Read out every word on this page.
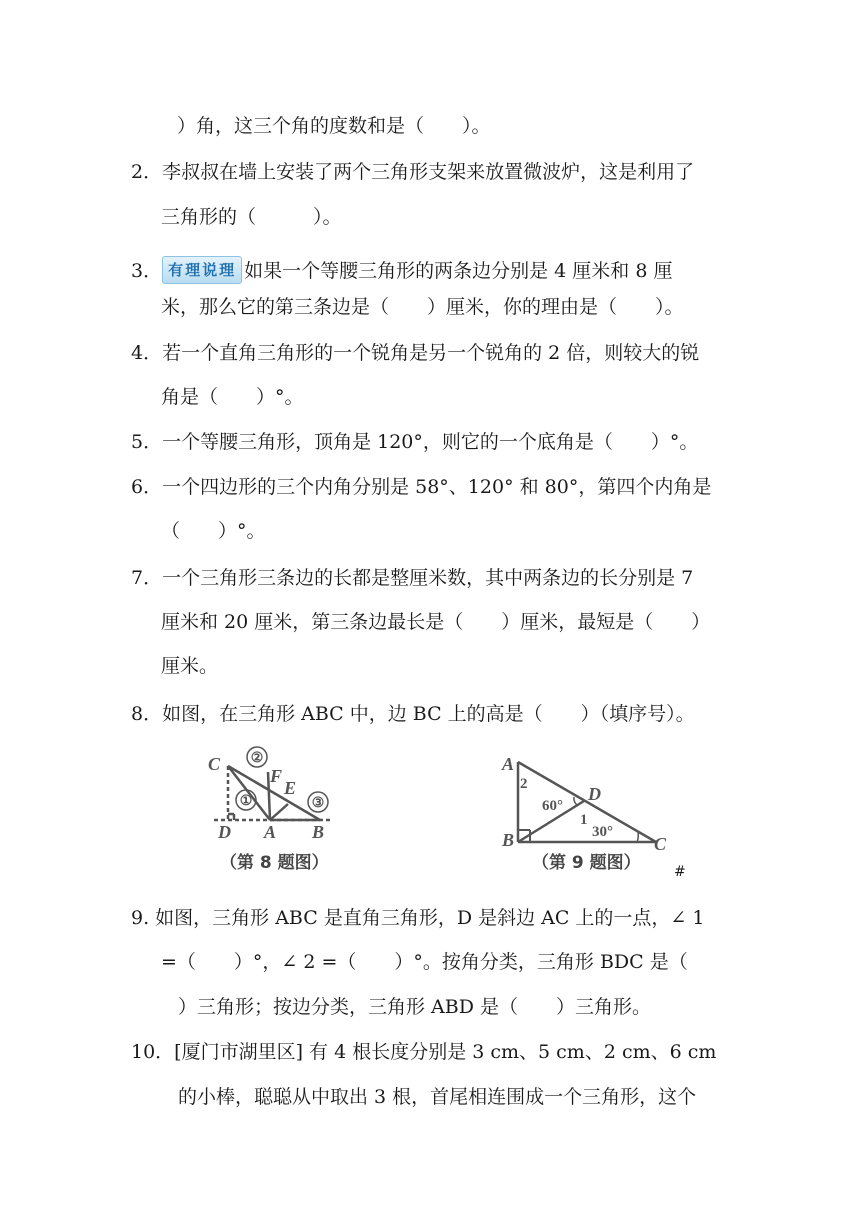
）角，这三个角的度数和是（　　）。
2．李叔叔在墙上安装了两个三角形支架来放置微波炉，这是利用了
三角形的（　　　）。
3． 有理说理 如果一个等腰三角形的两条边分别是 4 厘米和 8 厘
米，那么它的第三条边是（　　）厘米，你的理由是（　　）。
4．若一个直角三角形的一个锐角是另一个锐角的 2 倍，则较大的锐
角是（　　）°。
5．一个等腰三角形，顶角是 120°，则它的一个底角是（　　）°。
6．一个四边形的三个内角分别是 58°、120° 和 80°，第四个内角是
（　　）°。
7．一个三角形三条边的长都是整厘米数，其中两条边的长分别是 7
厘米和 20 厘米，第三条边最长是（　　）厘米，最短是（　　）
厘米。
8．如图，在三角形 ABC 中，边 BC 上的高是（　　）（填序号）。
C
D A B
F
E
①
②
③
（第 8 题图）
A
B	C
D
2
1
60°
30°
（第 9 题图） #
9. 如图，三角形 ABC 是直角三角形，D 是斜边 AC 上的一点，∠ 1
=（　　）°，∠ 2 =（　　）°。按角分类，三角形 BDC 是（
）三角形；按边分类，三角形 ABD 是（　　）三角形。
10．[厦门市湖里区] 有 4 根长度分别是 3 cm、5 cm、2 cm、6 cm
的小棒，聪聪从中取出 3 根，首尾相连围成一个三角形，这个
